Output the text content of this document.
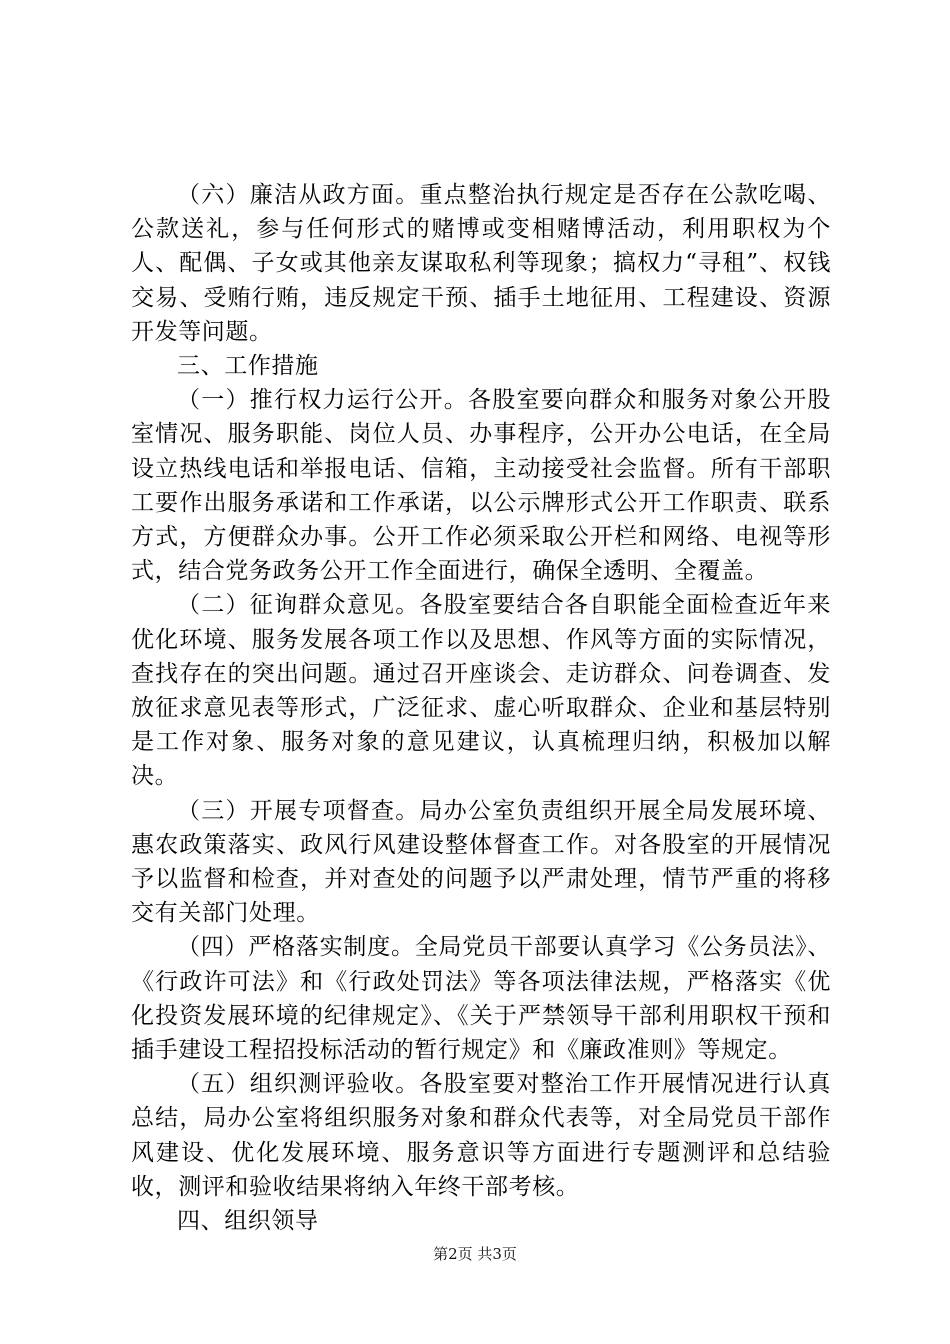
（六）廉洁从政方面。重点整治执行规定是否存在公款吃喝、公款送礼，参与任何形式的赌博或变相赌博活动，利用职权为个人、配偶、子女或其他亲友谋取私利等现象；搞权力“寻租”、权钱交易、受贿行贿，违反规定干预、插手土地征用、工程建设、资源开发等问题。

三、工作措施

（一）推行权力运行公开。各股室要向群众和服务对象公开股室情况、服务职能、岗位人员、办事程序，公开办公电话，在全局设立热线电话和举报电话、信箱，主动接受社会监督。所有干部职工要作出服务承诺和工作承诺，以公示牌形式公开工作职责、联系方式，方便群众办事。公开工作必须采取公开栏和网络、电视等形式，结合党务政务公开工作全面进行，确保全透明、全覆盖。

（二）征询群众意见。各股室要结合各自职能全面检查近年来优化环境、服务发展各项工作以及思想、作风等方面的实际情况，查找存在的突出问题。通过召开座谈会、走访群众、问卷调查、发放征求意见表等形式，广泛征求、虚心听取群众、企业和基层特别是工作对象、服务对象的意见建议，认真梳理归纳，积极加以解决。

（三）开展专项督查。局办公室负责组织开展全局发展环境、惠农政策落实、政风行风建设整体督查工作。对各股室的开展情况予以监督和检查，并对查处的问题予以严肃处理，情节严重的将移交有关部门处理。

（四）严格落实制度。全局党员干部要认真学习《公务员法》、《行政许可法》和《行政处罚法》等各项法律法规，严格落实《优化投资发展环境的纪律规定》、《关于严禁领导干部利用职权干预和插手建设工程招投标活动的暂行规定》和《廉政准则》等规定。

（五）组织测评验收。各股室要对整治工作开展情况进行认真总结，局办公室将组织服务对象和群众代表等，对全局党员干部作风建设、优化发展环境、服务意识等方面进行专题测评和总结验收，测评和验收结果将纳入年终干部考核。

四、组织领导

第2页 共3页
